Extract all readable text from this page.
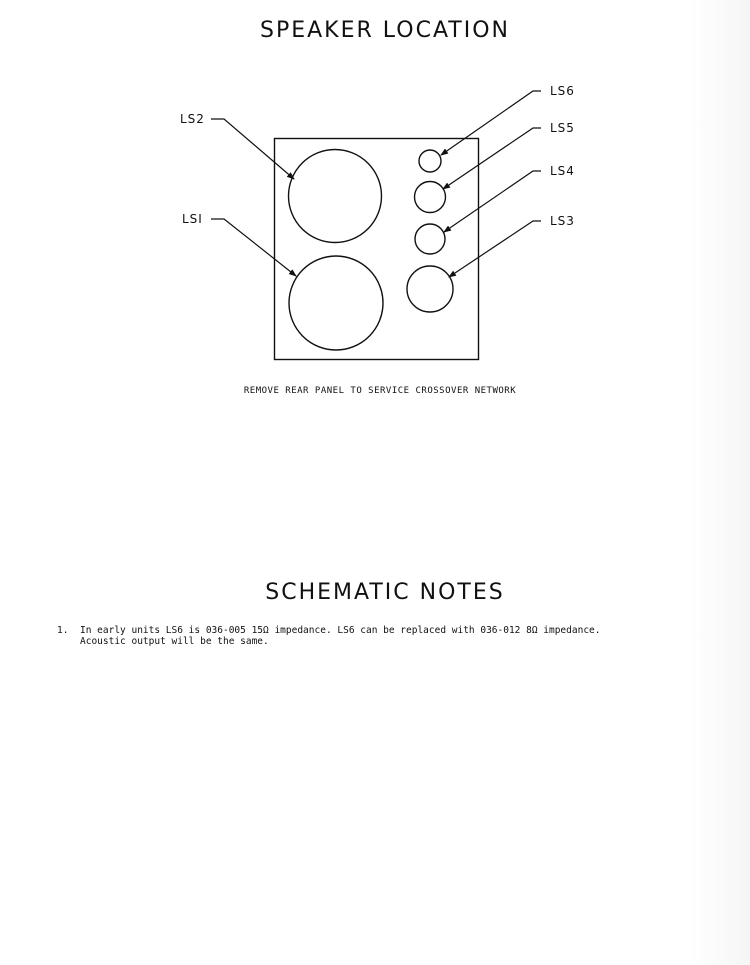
SPEAKER LOCATION
LS2
LSI
LS6
LS5
LS4
LS3
REMOVE REAR PANEL TO SERVICE CROSSOVER NETWORK
SCHEMATIC NOTES
1.	In early units LS6 is 036-005 15Ω impedance. LS6 can be replaced with 036-012 8Ω impedance.
Acoustic output will be the same.
